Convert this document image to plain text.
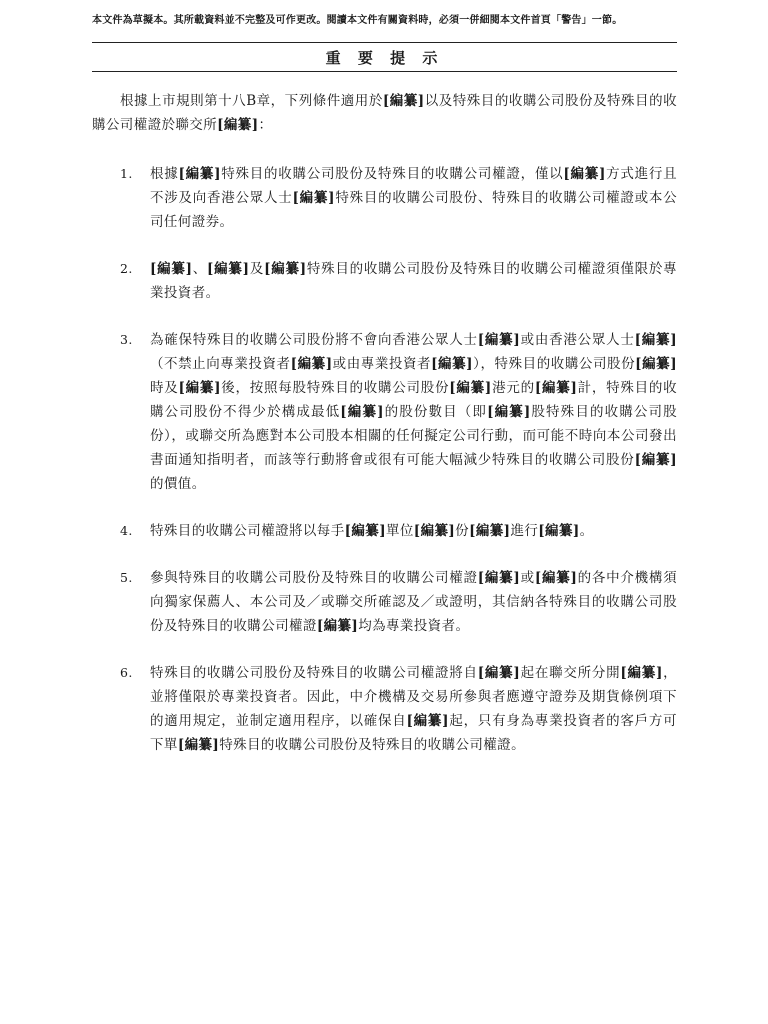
本文件為草擬本。其所載資料並不完整及可作更改。閱讀本文件有關資料時，必須一併細閱本文件首頁「警告」一節。
重 要 提 示

根據上市規則第十八B章，下列條件適用於[編纂]以及特殊目的收購公司股份及特殊目的收購公司權證於聯交所[編纂]：

1. 根據[編纂]特殊目的收購公司股份及特殊目的收購公司權證，僅以[編纂]方式進行且不涉及向香港公眾人士[編纂]特殊目的收購公司股份、特殊目的收購公司權證或本公司任何證券。
2. [編纂]、[編纂]及[編纂]特殊目的收購公司股份及特殊目的收購公司權證須僅限於專業投資者。
3. 為確保特殊目的收購公司股份將不會向香港公眾人士[編纂]或由香港公眾人士[編纂]（不禁止向專業投資者[編纂]或由專業投資者[編纂]），特殊目的收購公司股份[編纂]時及[編纂]後，按照每股特殊目的收購公司股份[編纂]港元的[編纂]計，特殊目的收購公司股份不得少於構成最低[編纂]的股份數目（即[編纂]股特殊目的收購公司股份），或聯交所為應對本公司股本相關的任何擬定公司行動，而可能不時向本公司發出書面通知指明者，而該等行動將會或很有可能大幅減少特殊目的收購公司股份[編纂]的價值。
4. 特殊目的收購公司權證將以每手[編纂]單位[編纂]份[編纂]進行[編纂]。
5. 參與特殊目的收購公司股份及特殊目的收購公司權證[編纂]或[編纂]的各中介機構須向獨家保薦人、本公司及／或聯交所確認及／或證明，其信納各特殊目的收購公司股份及特殊目的收購公司權證[編纂]均為專業投資者。
6. 特殊目的收購公司股份及特殊目的收購公司權證將自[編纂]起在聯交所分開[編纂]，並將僅限於專業投資者。因此，中介機構及交易所參與者應遵守證券及期貨條例項下的適用規定，並制定適用程序，以確保自[編纂]起，只有身為專業投資者的客戶方可下單[編纂]特殊目的收購公司股份及特殊目的收購公司權證。
